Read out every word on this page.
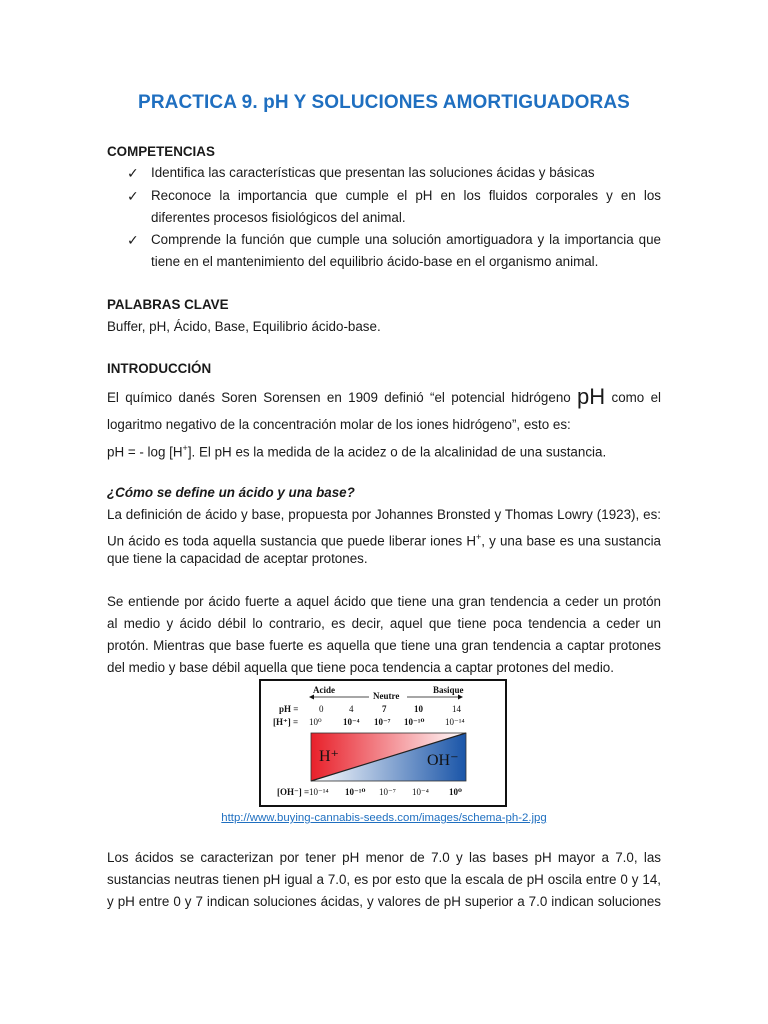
PRACTICA 9. pH Y SOLUCIONES AMORTIGUADORAS
COMPETENCIAS
✓ Identifica las características que presentan las soluciones ácidas y básicas
✓ Reconoce la importancia que cumple el pH en los fluidos corporales y en los
diferentes procesos fisiológicos del animal.
✓ Comprende la función que cumple una solución amortiguadora y la importancia que
tiene en el mantenimiento del equilibrio ácido-base en el organismo animal.
PALABRAS CLAVE
Buffer, pH, Ácido, Base, Equilibrio ácido-base.
INTRODUCCIÓN
El químico danés Soren Sorensen en 1909 definió “el potencial hidrógeno pH como el
logaritmo negativo de la concentración molar de los iones hidrógeno”, esto es:
pH = - log [H+]. El pH es la medida de la acidez o de la alcalinidad de una sustancia.
¿Cómo se define un ácido y una base?
La definición de ácido y base, propuesta por Johannes Bronsted y Thomas Lowry (1923), es:
Un ácido es toda aquella sustancia que puede liberar iones H+, y una base es una sustancia
que tiene la capacidad de aceptar protones.
Se entiende por ácido fuerte a aquel ácido que tiene una gran tendencia a ceder un protón
al medio y ácido débil lo contrario, es decir, aquel que tiene poca tendencia a ceder un
protón. Mientras que base fuerte es aquella que tiene una gran tendencia a captar protones
del medio y base débil aquella que tiene poca tendencia a captar protones del medio.
Acide
Neutre
Basique
pH = 0	4	7	10	14
[H⁺] = 10⁰ 10⁻⁴ 10⁻⁷ 10⁻¹⁰ 10⁻¹⁴
[OH⁻] = 10⁻¹⁴ 10⁻¹⁰ 10⁻⁷ 10⁻⁴ 10⁰
H⁺	OH⁻
http://www.buying-cannabis-seeds.com/images/schema-ph-2.jpg
Los ácidos se caracterizan por tener pH menor de 7.0 y las bases pH mayor a 7.0, las
sustancias neutras tienen pH igual a 7.0, es por esto que la escala de pH oscila entre 0 y 14,
y pH entre 0 y 7 indican soluciones ácidas, y valores de pH superior a 7.0 indican soluciones
